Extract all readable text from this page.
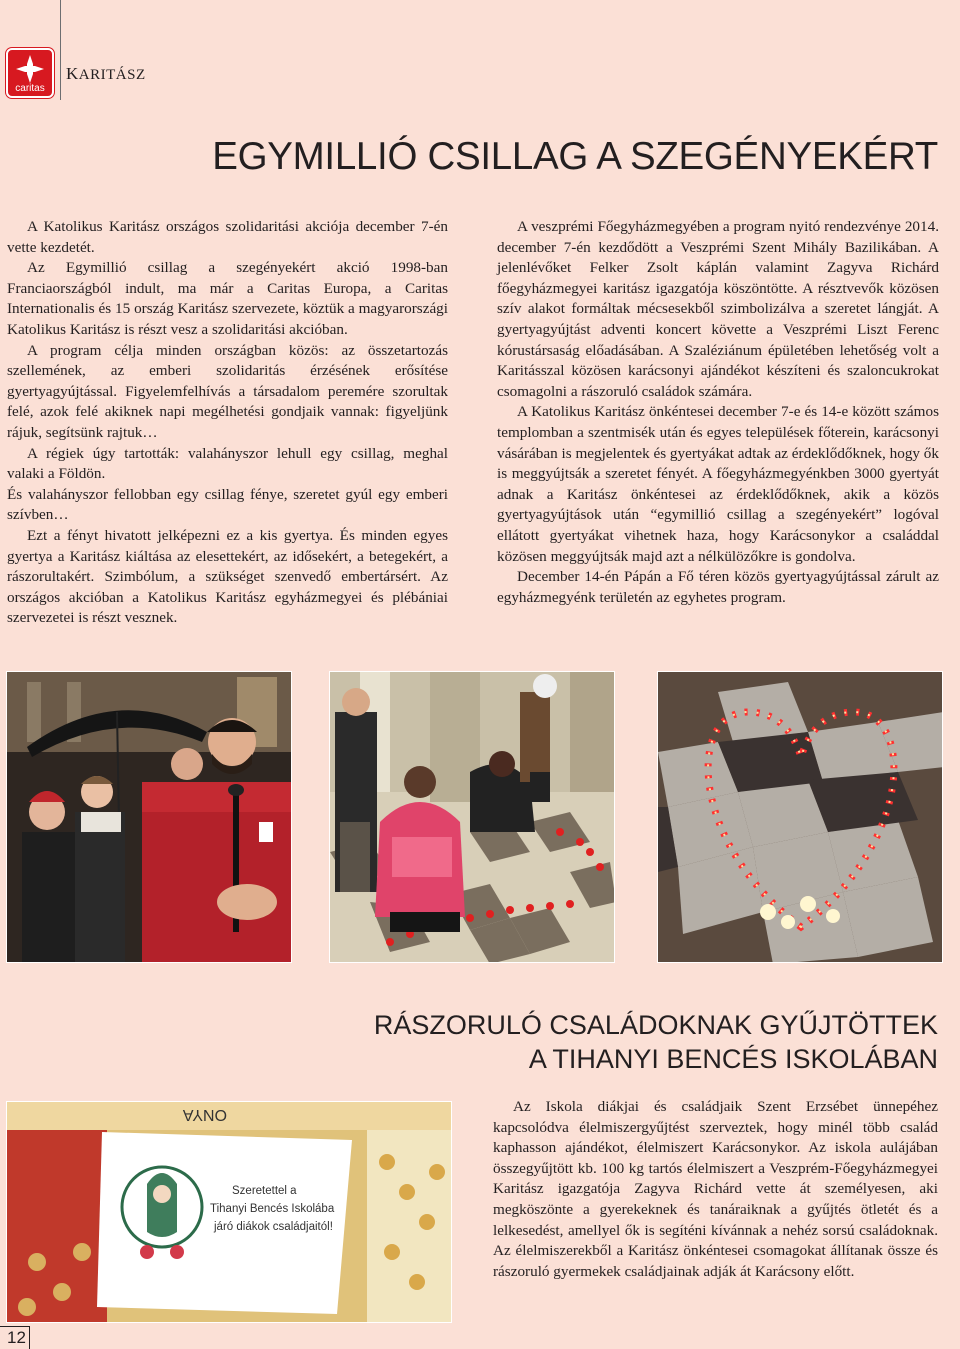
caritas
KARITÁSZ
EGYMILLIÓ CSILLAG A SZEGÉNYEKÉRT

A Katolikus Karitász országos szolidaritási akciója december 7-én vette kezdetét.

Az Egymillió csillag a szegényekért akció 1998-ban Franciaországból indult, ma már a Caritas Europa, a Caritas Internationalis és 15 ország Karitász szervezete, köztük a magyarországi Katolikus Karitász is részt vesz a szolidaritási akcióban.

A program célja minden országban közös: az összetartozás szellemének, az emberi szolidaritás érzésének erősítése gyertyagyújtással. Figyelemfelhívás a társadalom peremére szorultak felé, azok felé akiknek napi megélhetési gondjaik vannak: figyeljünk rájuk, segítsünk rajtuk…

A régiek úgy tartották: valahányszor lehull egy csillag, meghal valaki a Földön.

És valahányszor fellobban egy csillag fénye, szeretet gyúl egy emberi szívben…

Ezt a fényt hivatott jelképezni ez a kis gyertya. És minden egyes gyertya a Karitász kiáltása az elesettekért, az idősekért, a betegekért, a rászorultakért. Szimbólum, a szükséget szenvedő embertársért. Az országos akcióban a Katolikus Karitász egyházmegyei és plébániai szervezetei is részt vesznek.

A veszprémi Főegyházmegyében a program nyitó rendezvénye 2014. december 7-én kezdődött a Veszprémi Szent Mihály Bazilikában. A jelenlévőket Felker Zsolt káplán valamint Zagyva Richárd főegyházmegyei karitász igazgatója köszöntötte. A résztvevők közösen szív alakot formáltak mécsesekből szimbolizálva a szeretet lángját. A gyertyagyújtást adventi koncert követte a Veszprémi Liszt Ferenc kórustársaság előadásában. A Szaléziánum épületében lehetőség volt a Karitásszal közösen karácsonyi ajándékot készíteni és szaloncukrokat csomagolni a rászoruló családok számára.

A Katolikus Karitász önkéntesei december 7-e és 14-e között számos templomban a szentmisék után és egyes települések főterein, karácsonyi vásárában is megjelentek és gyertyákat adtak az érdeklődőknek, hogy ők is meggyújtsák a szeretet fényét. A főegyházmegyénkben 3000 gyertyát adnak a Karitász önkéntesei az érdeklődőknek, akik a közös gyertyagyújtások után “egymillió csillag a szegényekért” logóval ellátott gyertyákat vihetnek haza, hogy Karácsonykor a családdal közösen meggyújtsák majd azt a nélkülözőkre is gondolva.

December 14-én Pápán a Fő téren közös gyertyagyújtással zárult az egyházmegyénk területén az egyhetes program.

RÁSZORULÓ CSALÁDOKNAK GYŰJTÖTTEK
A TIHANYI BENCÉS ISKOLÁBAN
ONYA
Szeretettel a Tihanyi Bencés Iskolába járó diákok családjaitól!

Az Iskola diákjai és családjaik Szent Erzsébet ünnepéhez kapcsolódva élelmiszergyűjtést szerveztek, hogy minél több család kaphasson ajándékot, élelmiszert Karácsonykor. Az iskola aulájában összegyűjtött kb. 100 kg tartós élelmiszert a Veszprém-Főegyházmegyei Karitász igazgatója Zagyva Richárd vette át személyesen, aki megköszönte a gyerekeknek és tanáraiknak a gyűjtés ötletét és a lelkesedést, amellyel ők is segíténi kívánnak a nehéz sorsú családoknak. Az élelmiszerekből a Karitász önkéntesei csomagokat állítanak össze és rászoruló gyermekek családjainak adják át Karácsony előtt.

12
